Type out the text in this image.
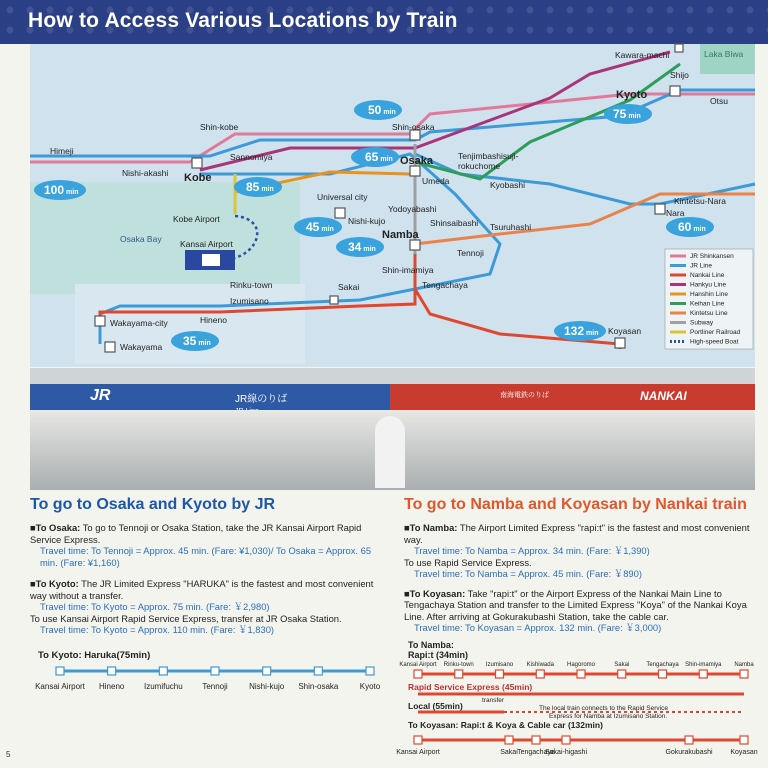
How to Access Various Locations by Train
Kawara-machi
Shijo
Laka Biwa
Kyoto	Otsu
Shin-kobe	Shin-osaka
Himeji
Sannomiya
Nishi-akashi Kobe
Osaka	Tenjimbashisuji-
rokuchome
Umeda	Kyobashi
Universal city
Nishi-kujo
Yodoyabashi
Shinsaibashi Tsuruhashi
Kintetsu-Nara
Nara
Kobe Airport
Osaka Bay Kansai Airport
Namba
Tennoji
Shin-imamiya
Tengachaya
Sakai
Rinku-town
Izumisano
Hineno
Wakayama-city
Wakayama
Koyasan
75 min
50 min
65 min
100 min	85 min
45 min
34 min
60 min
132 min
35 min
JR Shinkansen
JR Line
Nankai Line
Hankyu Line
Hanshin Line
Keihan Line
Kintetsu Line
Subway
Portliner Railroad
High-speed Boat
JR	JR線のりば	南海電鉄のりば	NANKAI
To go to Osaka and Kyoto by JR

■To Osaka: To go to Tennoji or Osaka Station, take the JR Kansai Airport Rapid Service Express.

Travel time: To Tennoji = Approx. 45 min. (Fare: ¥1,030)/ To Osaka = Approx. 65 min. (Fare: ¥1,160)

■To Kyoto: The JR Limited Express "HARUKA" is the fastest and most convenient way without a transfer.

Travel time: To Kyoto = Approx. 75 min. (Fare: ￥2,980)

To use Kansai Airport Rapid Service Express, transfer at JR Osaka Station.

Travel time: To Kyoto = Approx. 110 min. (Fare: ￥1,830)

To Kyoto: Haruka(75min)
Kansai Airport Hineno Izumifuchu Tennoji	Nishi-kujo Shin-osaka	Kyoto
To go to Namba and Koyasan by Nankai train

■To Namba: The Airport Limited Express "rapi:t" is the fastest and most convenient way.

Travel time: To Namba = Approx. 34 min. (Fare: ￥1,390)

To use Rapid Service Express.

Travel time: To Namba = Approx. 45 min. (Fare: ￥890)

■To Koyasan: Take "rapi:t" or the Airport Express of the Nankai Main Line to Tengachaya Station and transfer to the Limited Express "Koya" of the Nankai Koya Line. After arriving at Gokurakubashi Station, take the cable car.

Travel time: To Koyasan = Approx. 132 min. (Fare: ￥3,000)

To Namba:
Rapi:t (34min)
Rapid Service Express (45min)
Local (55min)
transfer
The local train connects to the Rapid Service
Express for Namba at Izumisano Station.
To Koyasan: Rapi:t & Koya & Cable car (132min)
Kansai Airport Rinku-town Izumisano Kishiwada Hagoromo	Sakai	Tengachaya Shin-imamiya Namba
Kansai Airport	Sakai Tengachaya
Sakai-higashi	Gokurakubashi	Koyasan
5
